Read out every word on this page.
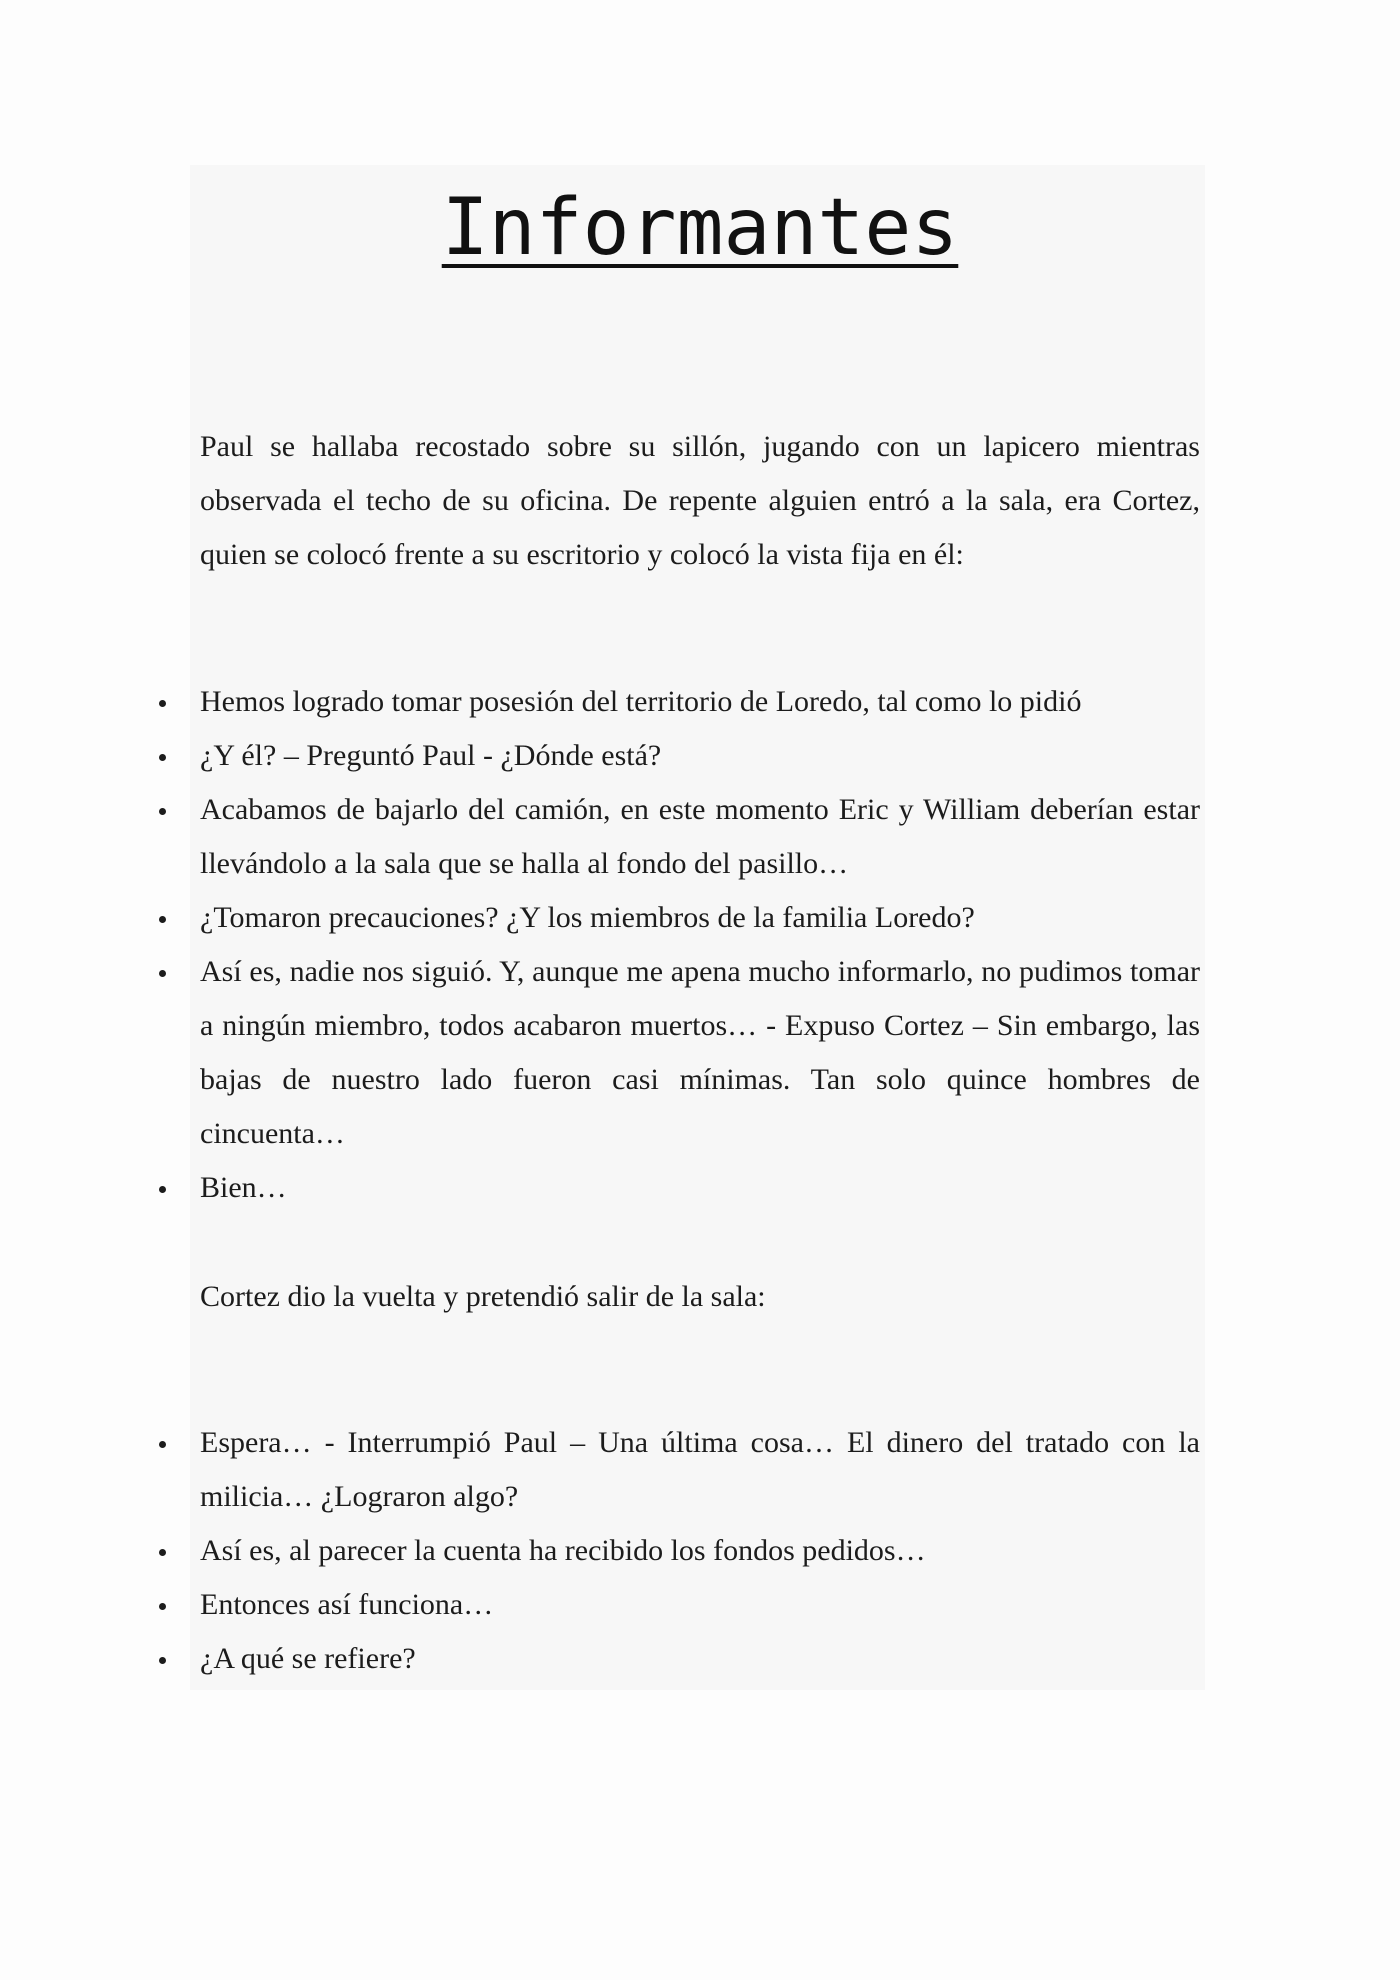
Informantes

Paul se hallaba recostado sobre su sillón, jugando con un lapicero mientras observada el techo de su oficina. De repente alguien entró a la sala, era Cortez, quien se colocó frente a su escritorio y colocó la vista fija en él:

Hemos logrado tomar posesión del territorio de Loredo, tal como lo pidió
¿Y él? – Preguntó Paul - ¿Dónde está?
Acabamos de bajarlo del camión, en este momento Eric y William deberían estar llevándolo a la sala que se halla al fondo del pasillo…
¿Tomaron precauciones? ¿Y los miembros de la familia Loredo?
Así es, nadie nos siguió. Y, aunque me apena mucho informarlo, no pudimos tomar a ningún miembro, todos acabaron muertos… - Expuso Cortez – Sin embargo, las bajas de nuestro lado fueron casi mínimas. Tan solo quince hombres de cincuenta…
Bien…

Cortez dio la vuelta y pretendió salir de la sala:

Espera… - Interrumpió Paul – Una última cosa… El dinero del tratado con la milicia… ¿Lograron algo?
Así es, al parecer la cuenta ha recibido los fondos pedidos…
Entonces así funciona…
¿A qué se refiere?
